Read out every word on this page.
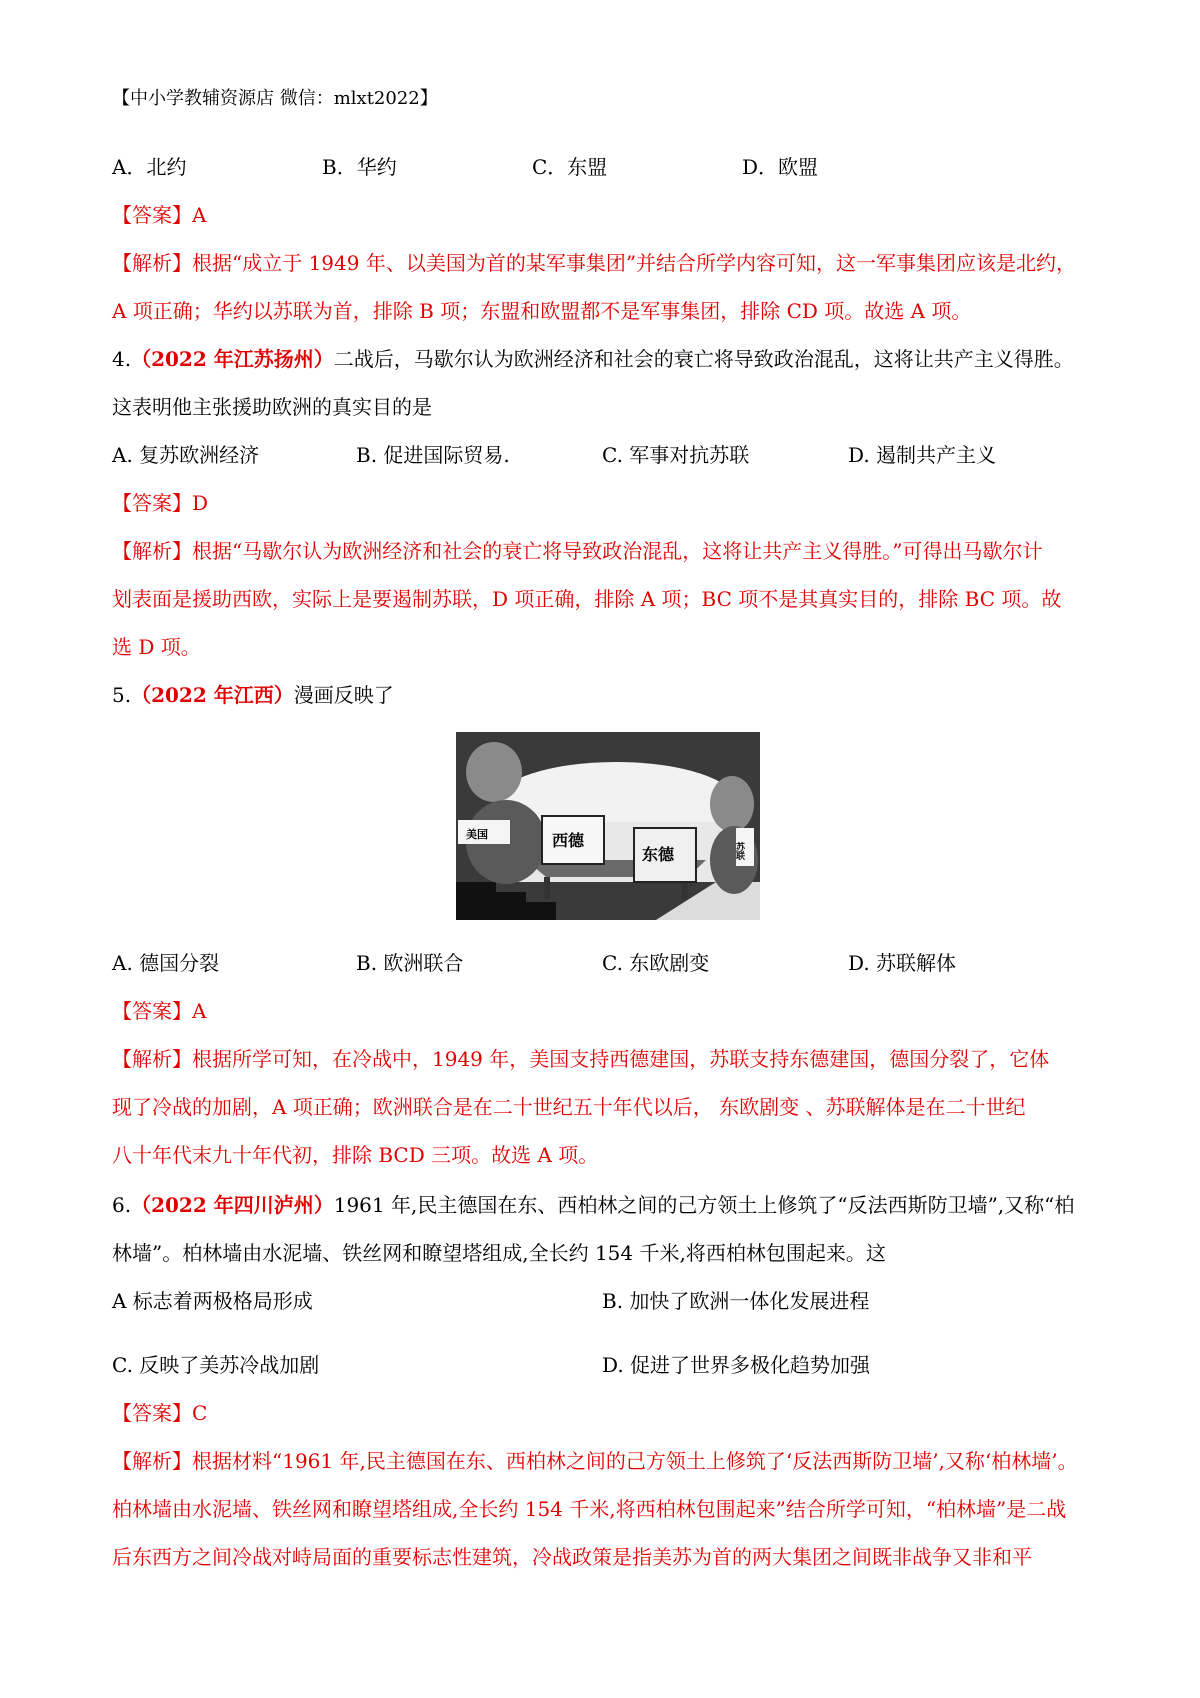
【中小学教辅资源店 微信：mlxt2022】
A．北约	B．华约	C．东盟	D．欧盟
【答案】A
【解析】根据“成立于 1949 年、以美国为首的某军事集团”并结合所学内容可知，这一军事集团应该是北约，
A 项正确；华约以苏联为首，排除 B 项；东盟和欧盟都不是军事集团，排除 CD 项。故选 A 项。
4.（2022 年江苏扬州）二战后，马歇尔认为欧洲经济和社会的衰亡将导致政治混乱，这将让共产主义得胜。
这表明他主张援助欧洲的真实目的是
A. 复苏欧洲经济	B. 促进国际贸易.	C. 军事对抗苏联	D. 遏制共产主义
【答案】D
【解析】根据“马歇尔认为欧洲经济和社会的衰亡将导致政治混乱，这将让共产主义得胜。”可得出马歇尔计
划表面是援助西欧，实际上是要遏制苏联，D 项正确，排除 A 项；BC 项不是其真实目的，排除 BC 项。故
选 D 项。
5.（2022 年江西）漫画反映了
美国	西德
东德	苏联
A. 德国分裂	B. 欧洲联合	C. 东欧剧变	D. 苏联解体
【答案】A
【解析】根据所学可知，在冷战中，1949 年，美国支持西德建国，苏联支持东德建国，德国分裂了，它体
现了冷战的加剧，A 项正确；欧洲联合是在二十世纪五十年代以后， 东欧剧变 、苏联解体是在二十世纪
八十年代末九十年代初，排除 BCD 三项。故选 A 项。
6.（2022 年四川泸州）1961 年,民主德国在东、西柏林之间的己方领土上修筑了“反法西斯防卫墙”,又称“柏
林墙”。柏林墙由水泥墙、铁丝网和瞭望塔组成,全长约 154 千米,将西柏林包围起来。这
A 标志着两极格局形成	B. 加快了欧洲一体化发展进程
C. 反映了美苏冷战加剧	D. 促进了世界多极化趋势加强
【答案】C
【解析】根据材料“1961 年,民主德国在东、西柏林之间的己方领土上修筑了‘反法西斯防卫墙’,又称‘柏林墙’。
柏林墙由水泥墙、铁丝网和瞭望塔组成,全长约 154 千米,将西柏林包围起来”结合所学可知，“柏林墙”是二战
后东西方之间冷战对峙局面的重要标志性建筑，冷战政策是指美苏为首的两大集团之间既非战争又非和平
